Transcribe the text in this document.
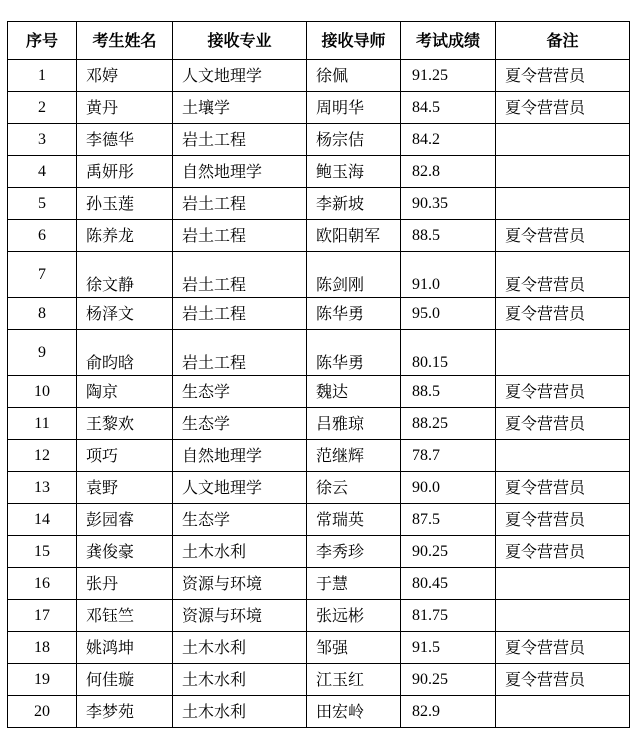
序号	考生姓名	接收专业	接收导师	考试成绩	备注
1	邓婷	人文地理学	徐佩	91.25	夏令营营员
2	黄丹	土壤学	周明华	84.5	夏令营营员
3	李德华	岩土工程	杨宗佶	84.2	
4	禹妍彤	自然地理学	鲍玉海	82.8	
5	孙玉莲	岩土工程	李新坡	90.35	
6	陈养龙	岩土工程	欧阳朝军	88.5	夏令营营员
7	徐文静	岩土工程	陈剑刚	91.0	夏令营营员
8	杨泽文	岩土工程	陈华勇	95.0	夏令营营员
9	俞昀晗	岩土工程	陈华勇	80.15	
10	陶京	生态学	魏达	88.5	夏令营营员
11	王黎欢	生态学	吕雅琼	88.25	夏令营营员
12	项巧	自然地理学	范继辉	78.7	
13	袁野	人文地理学	徐云	90.0	夏令营营员
14	彭园睿	生态学	常瑞英	87.5	夏令营营员
15	龚俊豪	土木水利	李秀珍	90.25	夏令营营员
16	张丹	资源与环境	于慧	80.45	
17	邓钰竺	资源与环境	张远彬	81.75	
18	姚鸿坤	土木水利	邹强	91.5	夏令营营员
19	何佳璇	土木水利	江玉红	90.25	夏令营营员
20	李梦苑	土木水利	田宏岭	82.9	
